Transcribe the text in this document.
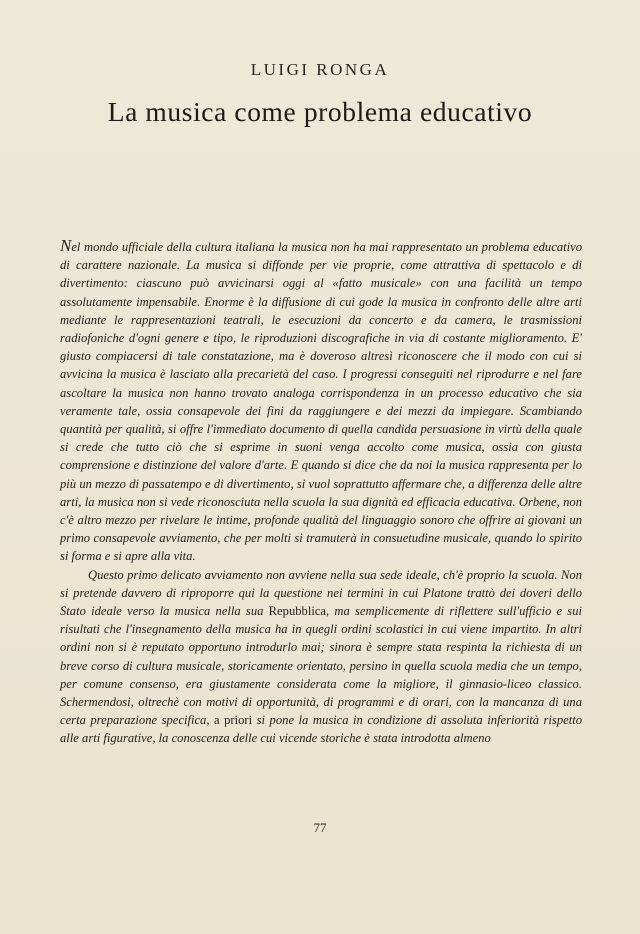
LUIGI RONGA
La musica come problema educativo

Nel mondo ufficiale della cultura italiana la musica non ha mai rappresentato un problema educativo di carattere nazionale. La musica si diffonde per vie proprie, come attrattiva di spettacolo e di divertimento: ciascuno può avvicinarsi oggi al «fatto musicale» con una facilità un tempo assolutamente impensabile. Enorme è la diffusione di cui gode la musica in confronto delle altre arti mediante le rappresentazioni teatrali, le esecuzioni da concerto e da camera, le trasmissioni radiofoniche d'ogni genere e tipo, le riproduzioni discografiche in via di costante miglioramento. E' giusto compiacersi di tale constatazione, ma è doveroso altresì riconoscere che il modo con cui si avvicina la musica è lasciato alla precarietà del caso. I progressi conseguiti nel riprodurre e nel fare ascoltare la musica non hanno trovato analoga corrispondenza in un processo educativo che sia veramente tale, ossia consapevole dei fini da raggiungere e dei mezzi da impiegare. Scambiando quantità per qualità, si offre l'immediato documento di quella candida persuasione in virtù della quale si crede che tutto ciò che si esprime in suoni venga accolto come musica, ossia con giusta comprensione e distinzione del valore d'arte. E quando si dice che da noi la musica rappresenta per lo più un mezzo di passatempo e di divertimento, si vuol soprattutto affermare che, a differenza delle altre arti, la musica non si vede riconosciuta nella scuola la sua dignità ed efficacia educativa. Orbene, non c'è altro mezzo per rivelare le intime, profonde qualità del linguaggio sonoro che offrire ai giovani un primo consapevole avviamento, che per molti si tramuterà in consuetudine musicale, quando lo spirito si forma e si apre alla vita.

Questo primo delicato avviamento non avviene nella sua sede ideale, ch'è proprio la scuola. Non si pretende davvero di riproporre qui la questione nei termini in cui Platone trattò dei doveri dello Stato ideale verso la musica nella sua Repubblica, ma semplicemente di riflettere sull'ufficio e sui risultati che l'insegnamento della musica ha in quegli ordini scolastici in cui viene impartito. In altri ordini non si è reputato opportuno introdurlo mai; sinora è sempre stata respinta la richiesta di un breve corso di cultura musicale, storicamente orientato, persino in quella scuola media che un tempo, per comune consenso, era giustamente considerata come la migliore, il ginnasio-liceo classico. Schermendosi, oltrechè con motivi di opportunità, di programmi e di orari, con la mancanza di una certa preparazione specifica, a priori si pone la musica in condizione di assoluta inferiorità rispetto alle arti figurative, la conoscenza delle cui vicende storiche è stata introdotta almeno

77
